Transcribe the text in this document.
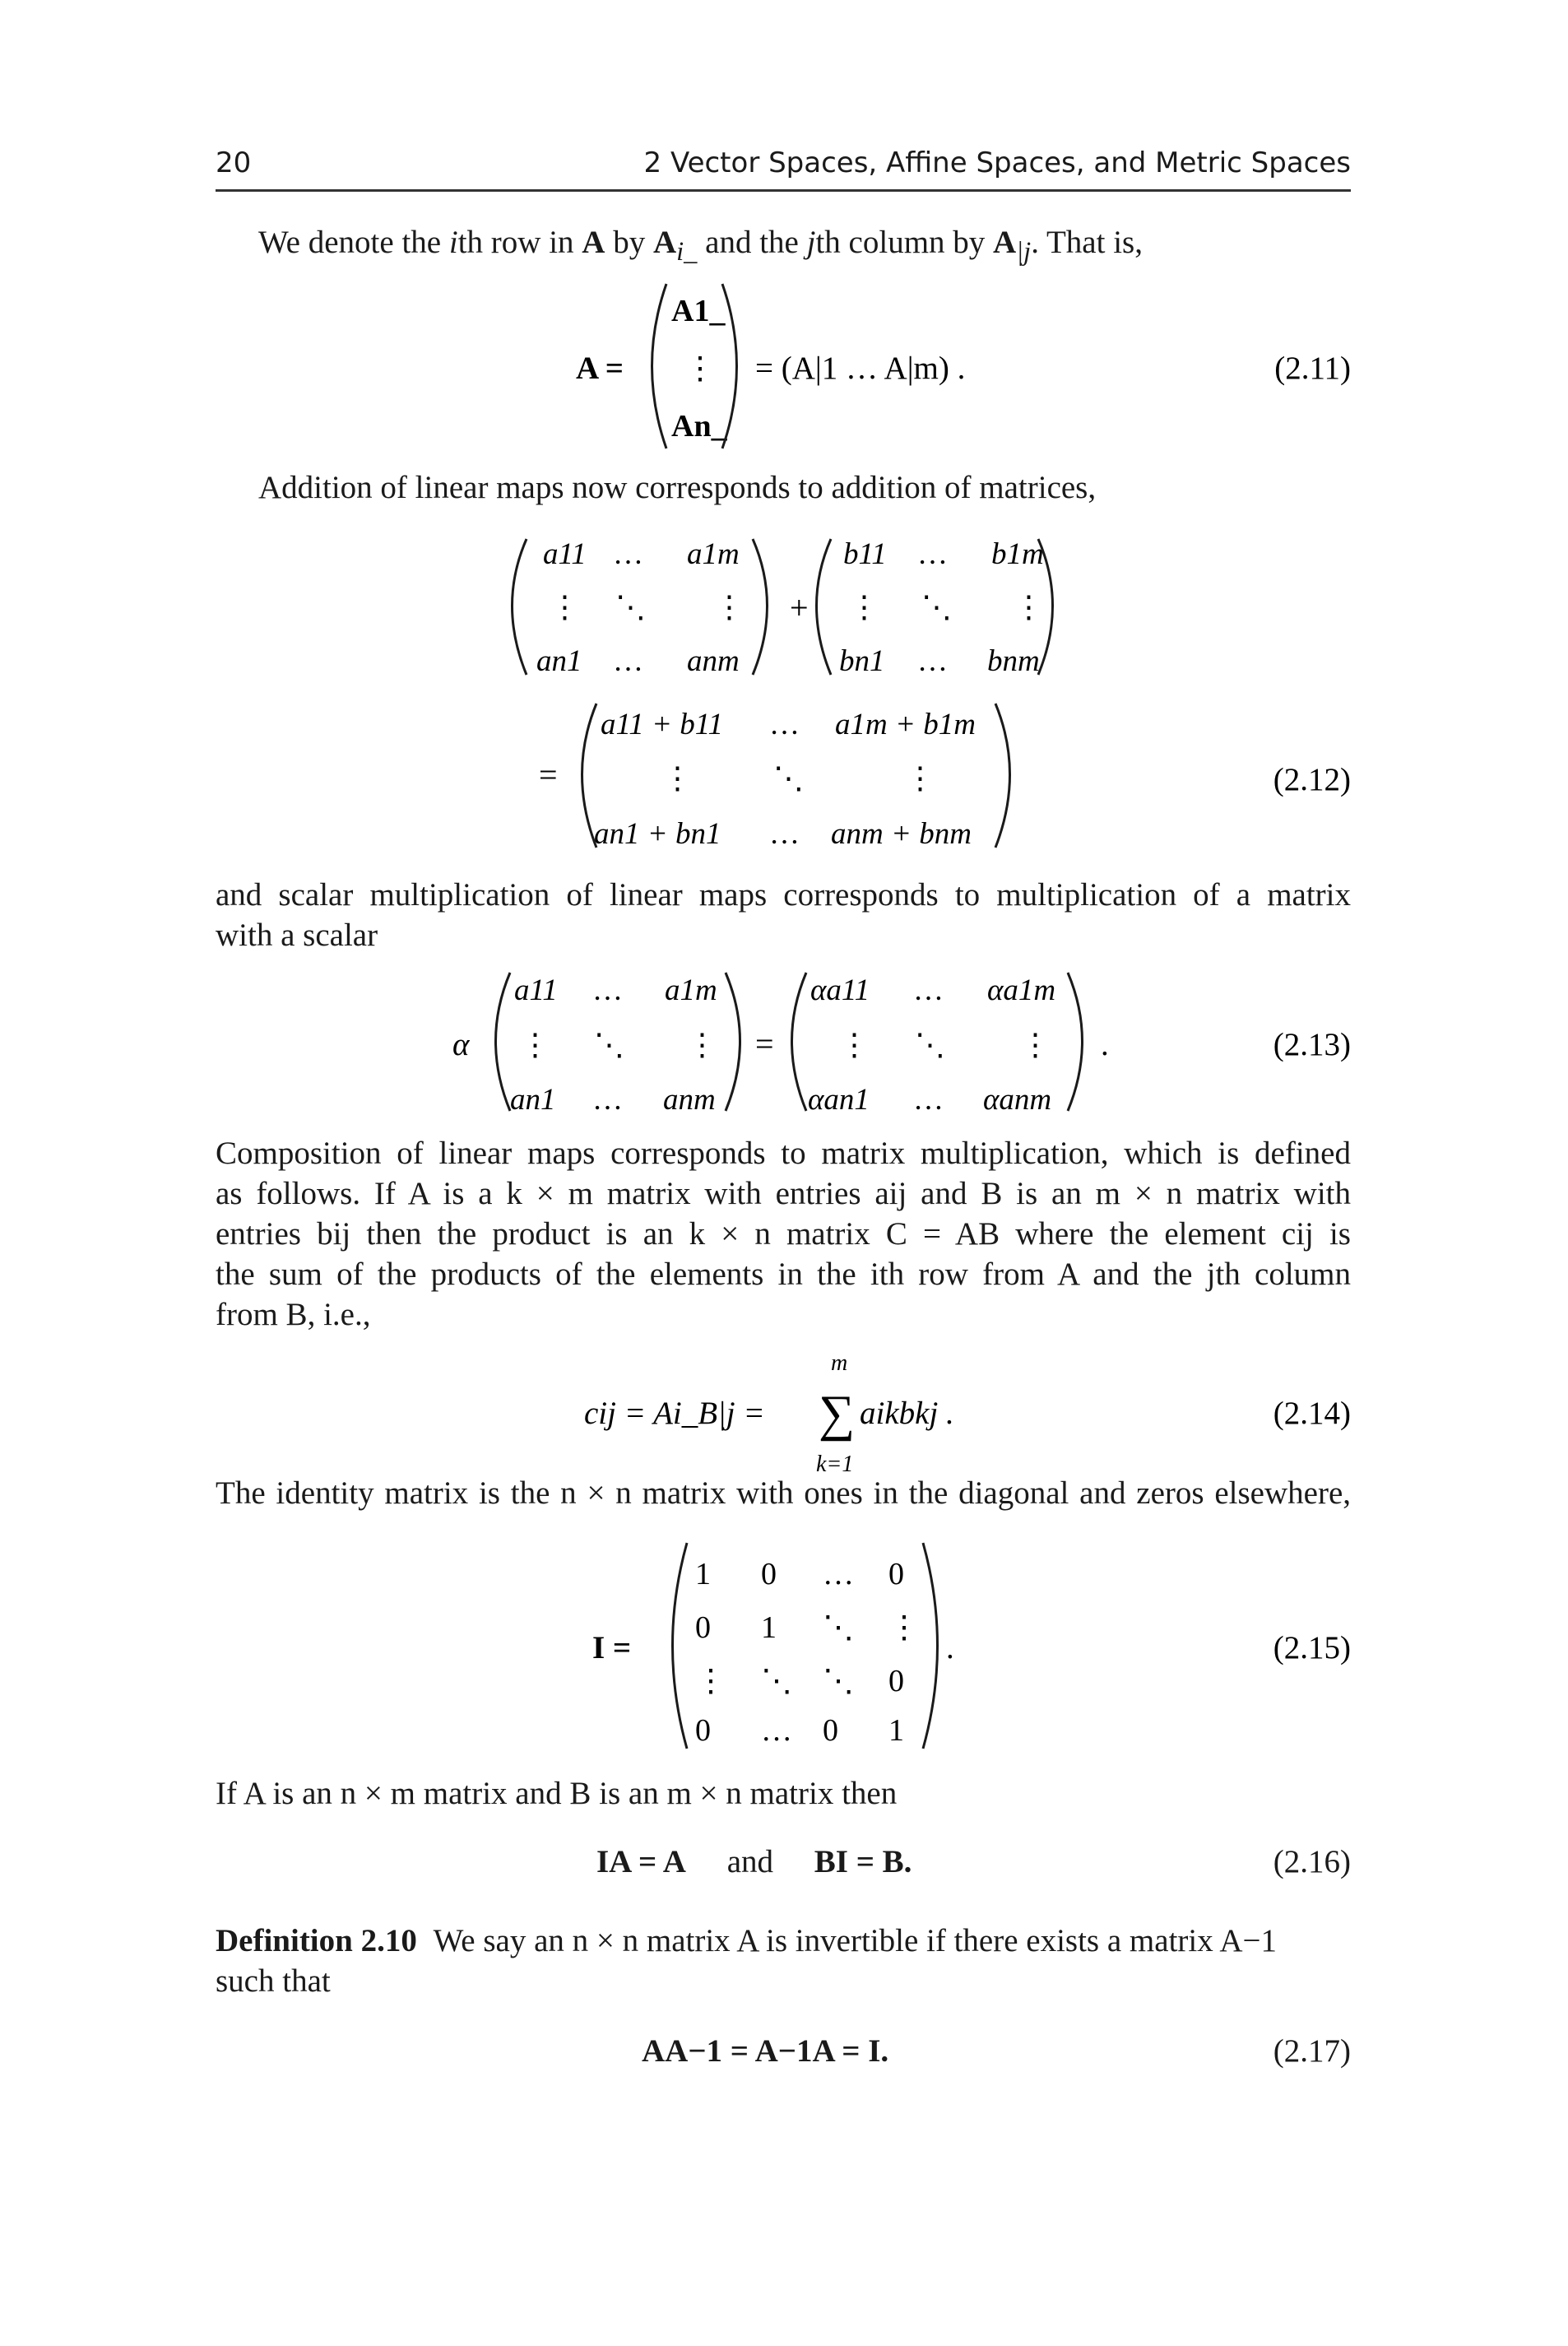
20	2 Vector Spaces, Affine Spaces, and Metric Spaces
We denote the ith row in A by $A_{i\_}$ and the jth column by $A_{|j}$. That is,
A =
A1_
⋮
An_
= (A|1 … A|m) .	(2.11)
Addition of linear maps now corresponds to addition of matrices,
a11 … a1m
⋮ ⋱ ⋮
an1 … anm
+
b11 … b1m
⋮ ⋱ ⋮
bn1 … bnm
=
a11 + b11 … a1m + b1m
⋮	⋱	⋮
an1 + bn1 … anm + bnm
(2.12)
and scalar multiplication of linear maps corresponds to multiplication of a matrix
with a scalar
α
a11 … a1m
⋮ ⋱ ⋮
an1 … anm
=
αa11 … αa1m
⋮ ⋱ ⋮
αan1 … αanm
.	(2.13)
Composition of linear maps corresponds to matrix multiplication, which is defined
as follows. If A is a k × m matrix with entries aij and B is an m × n matrix with
entries bij then the product is an k × n matrix C = AB where the element cij is
the sum of the products of the elements in the ith row from A and the jth column
from B, i.e.,
cij = Ai_B|j =
m
∑
k=1
aikbkj .	(2.14)
The identity matrix is the n × n matrix with ones in the diagonal and zeros elsewhere,
I =
1 0 … 0
0 1 ⋱ ⋮
⋮ ⋱ ⋱ 0
0 … 0 1
.	(2.15)
If A is an n × m matrix and B is an m × n matrix then
IA = A and BI = B.	(2.16)
Definition 2.10 We say an n × n matrix A is invertible if there exists a matrix A−1
such that
AA−1 = A−1A = I.	(2.17)
